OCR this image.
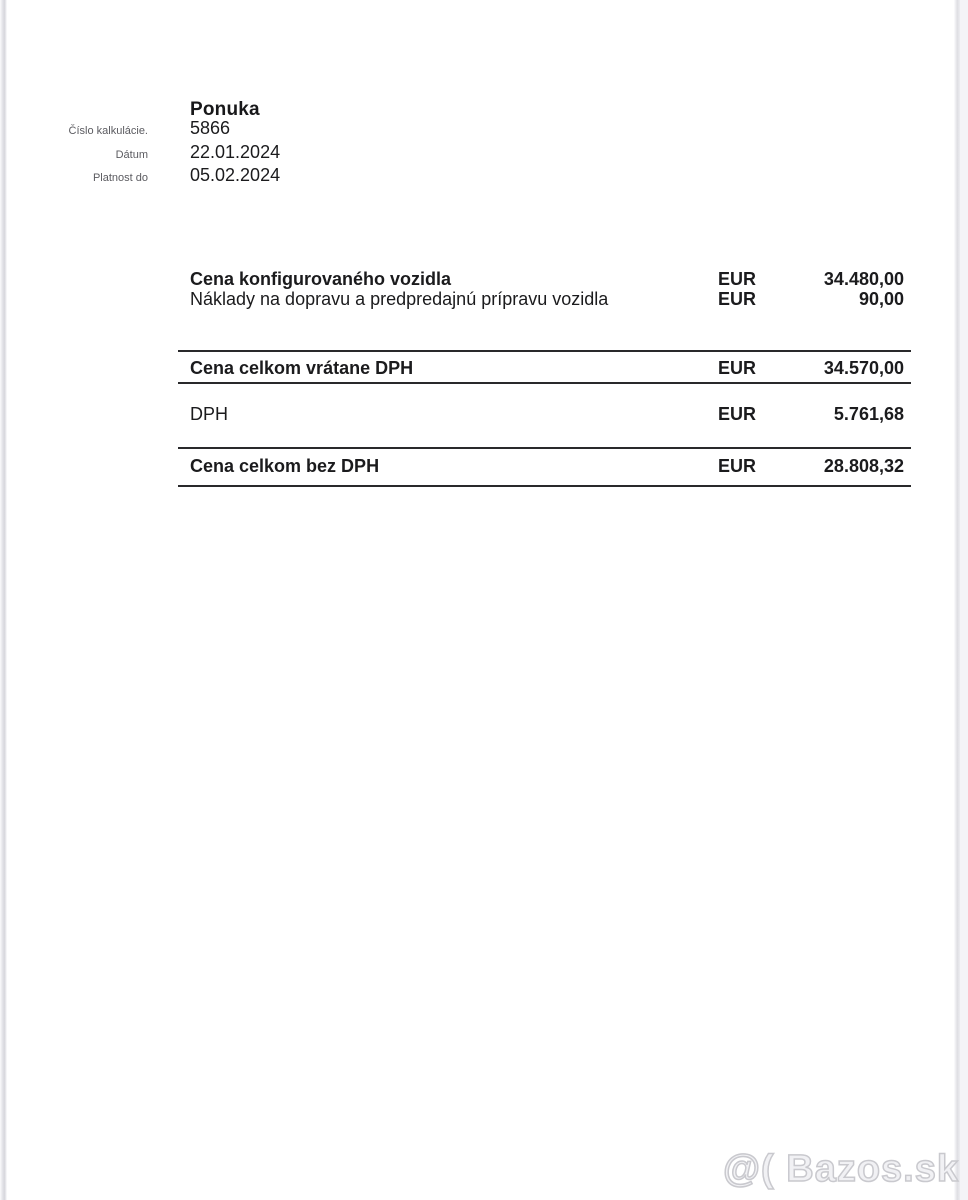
Ponuka
Číslo kalkulácie. 5866
Dátum 22.01.2024
Platnost do 05.02.2024
Cena konfigurovaného vozidla	EUR	34.480,00
Náklady na dopravu a predpredajnú prípravu vozidla	EUR	90,00
Cena celkom vrátane DPH	EUR	34.570,00
DPH	EUR	5.761,68
Cena celkom bez DPH	EUR	28.808,32
@( Bazos.sk
